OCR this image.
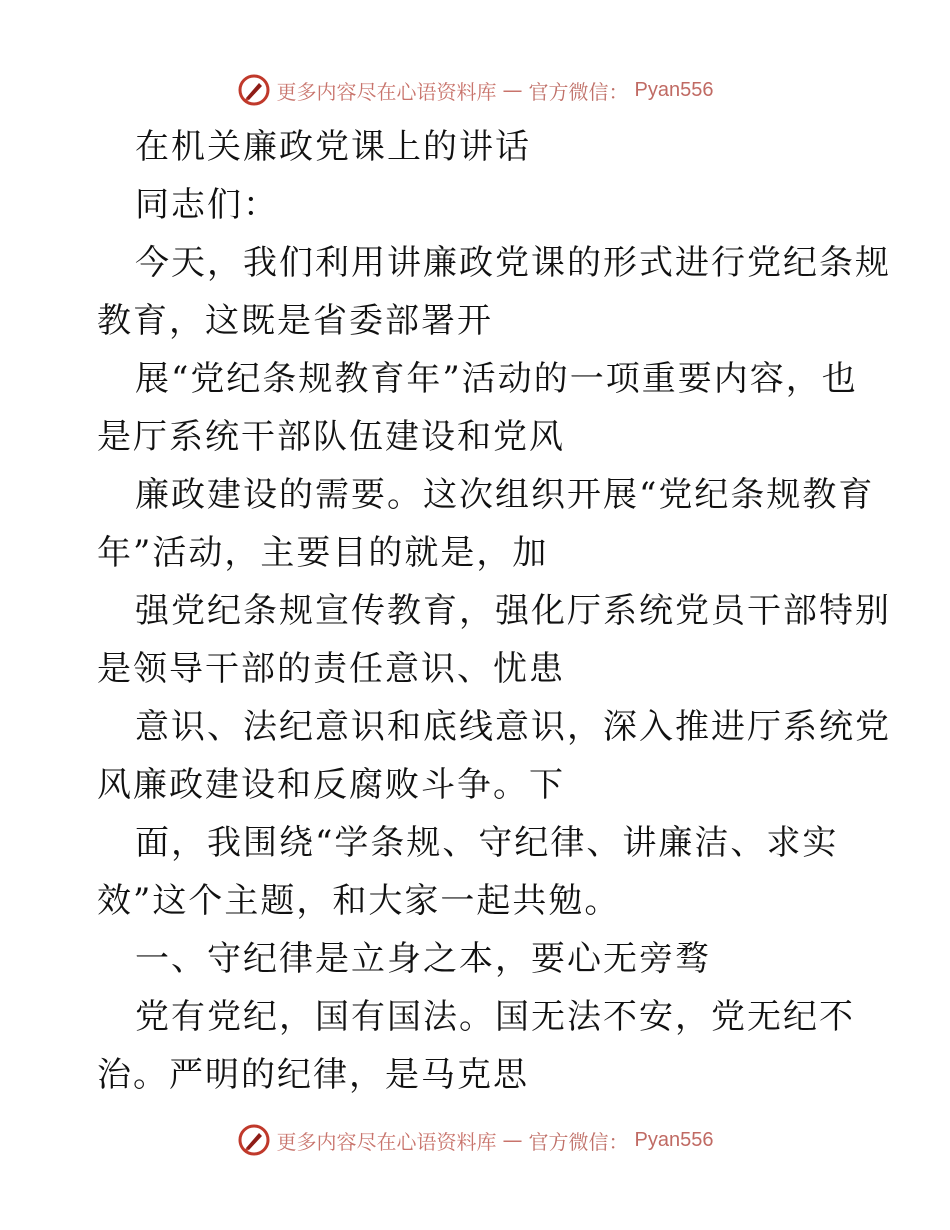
更多内容尽在心语资料库 — 官方微信： Pyan556
在机关廉政党课上的讲话
同志们：
今天，我们利用讲廉政党课的形式进行党纪条规
教育，这既是省委部署开
展“党纪条规教育年”活动的一项重要内容，也
是厅系统干部队伍建设和党风
廉政建设的需要。这次组织开展“党纪条规教育
年”活动，主要目的就是，加
强党纪条规宣传教育，强化厅系统党员干部特别
是领导干部的责任意识、忧患
意识、法纪意识和底线意识，深入推进厅系统党
风廉政建设和反腐败斗争。下
面，我围绕“学条规、守纪律、讲廉洁、求实
效”这个主题，和大家一起共勉。
一、守纪律是立身之本，要心无旁骛
党有党纪，国有国法。国无法不安，党无纪不
治。严明的纪律，是马克思
更多内容尽在心语资料库 — 官方微信： Pyan556
